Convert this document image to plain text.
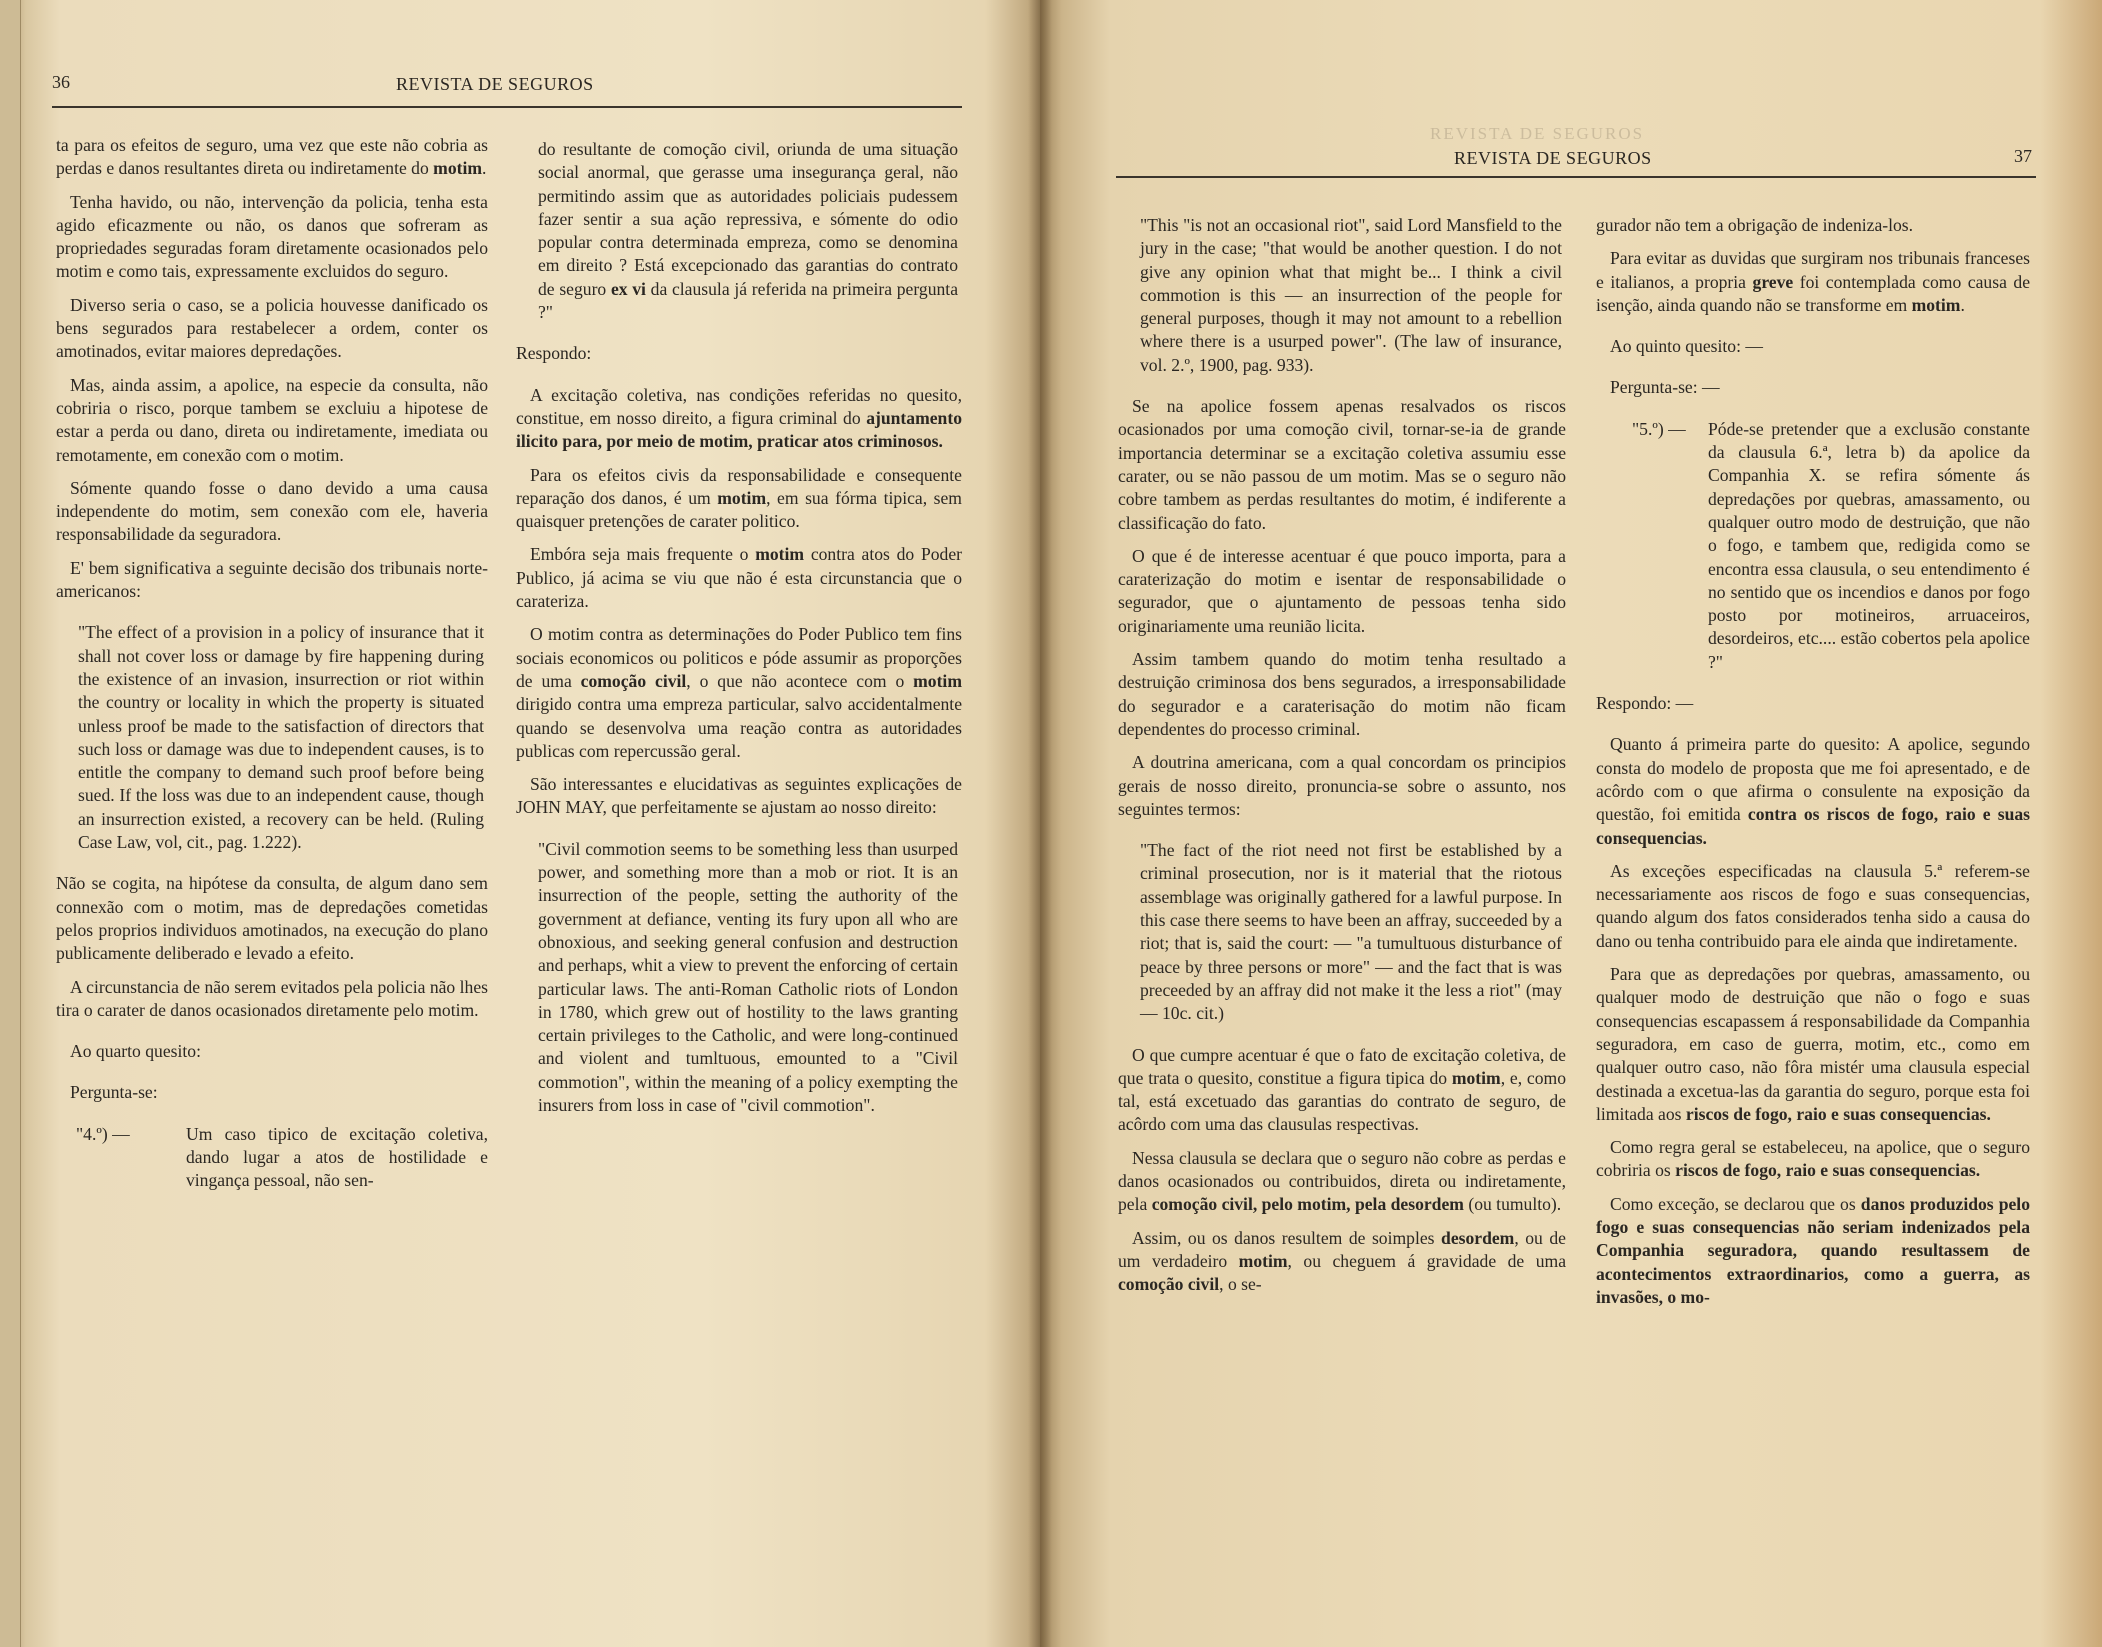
36	REVISTA DE SEGUROS

ta para os efeitos de seguro, uma vez que este não cobria as perdas e danos resultantes direta ou indiretamente do motim.

Tenha havido, ou não, intervenção da policia, tenha esta agido eficazmente ou não, os danos que sofreram as propriedades seguradas foram diretamente ocasionados pelo motim e como tais, expressamente excluidos do seguro.

Diverso seria o caso, se a policia houvesse danificado os bens segurados para restabelecer a ordem, conter os amotinados, evitar maiores depredações.

Mas, ainda assim, a apolice, na especie da consulta, não cobriria o risco, porque tambem se excluiu a hipotese de estar a perda ou dano, direta ou indiretamente, imediata ou remotamente, em conexão com o motim.

Sómente quando fosse o dano devido a uma causa independente do motim, sem conexão com ele, haveria responsabilidade da seguradora.

E' bem significativa a seguinte decisão dos tribunais norte-americanos:

"The effect of a provision in a policy of insurance that it shall not cover loss or damage by fire happening during the existence of an invasion, insurrection or riot within the country or locality in which the property is situated unless proof be made to the satisfaction of directors that such loss or damage was due to independent causes, is to entitle the company to demand such proof before being sued. If the loss was due to an independent cause, though an insurrection existed, a recovery can be held. (Ruling Case Law, vol, cit., pag. 1.222).

Não se cogita, na hipótese da consulta, de algum dano sem connexão com o motim, mas de depredações cometidas pelos proprios individuos amotinados, na execução do plano publicamente deliberado e levado a efeito.

A circunstancia de não serem evitados pela policia não lhes tira o carater de danos ocasionados diretamente pelo motim.

Ao quarto quesito:

Pergunta-se:

"4.º) —	Um caso tipico de excitação coletiva, dando lugar a atos de hostilidade e vingança pessoal, não sen-

do resultante de comoção civil, oriunda de uma situação social anormal, que gerasse uma insegurança geral, não permitindo assim que as autoridades policiais pudessem fazer sentir a sua ação repressiva, e sómente do odio popular contra determinada empreza, como se denomina em direito ? Está excepcionado das garantias do contrato de seguro ex vi da clausula já referida na primeira pergunta ?"

Respondo:

A excitação coletiva, nas condições referidas no quesito, constitue, em nosso direito, a figura criminal do ajuntamento ilicito para, por meio de motim, praticar atos criminosos.

Para os efeitos civis da responsabilidade e consequente reparação dos danos, é um motim, em sua fórma tipica, sem quaisquer pretenções de carater politico.

Embóra seja mais frequente o motim contra atos do Poder Publico, já acima se viu que não é esta circunstancia que o carateriza.

O motim contra as determinações do Poder Publico tem fins sociais economicos ou politicos e póde assumir as proporções de uma comoção civil, o que não acontece com o motim dirigido contra uma empreza particular, salvo accidentalmente quando se desenvolva uma reação contra as autoridades publicas com repercussão geral.

São interessantes e elucidativas as seguintes explicações de JOHN MAY, que perfeitamente se ajustam ao nosso direito:

"Civil commotion seems to be something less than usurped power, and something more than a mob or riot. It is an insurrection of the people, setting the authority of the government at defiance, venting its fury upon all who are obnoxious, and seeking general confusion and destruction and perhaps, whit a view to prevent the enforcing of certain particular laws. The anti-Roman Catholic riots of London in 1780, which grew out of hostility to the laws granting certain privileges to the Catholic, and were long-continued and violent and tumltuous, emounted to a "Civil commotion", within the meaning of a policy exempting the insurers from loss in case of "civil commotion".

REVISTA DE SEGUROS
REVISTA DE SEGUROS	37

"This "is not an occasional riot", said Lord Mansfield to the jury in the case; "that would be another question. I do not give any opinion what that might be... I think a civil commotion is this — an insurrection of the people for general purposes, though it may not amount to a rebellion where there is a usurped power". (The law of insurance, vol. 2.º, 1900, pag. 933).

Se na apolice fossem apenas resalvados os riscos ocasionados por uma comoção civil, tornar-se-ia de grande importancia determinar se a excitação coletiva assumiu esse carater, ou se não passou de um motim. Mas se o seguro não cobre tambem as perdas resultantes do motim, é indiferente a classificação do fato.

O que é de interesse acentuar é que pouco importa, para a caraterização do motim e isentar de responsabilidade o segurador, que o ajuntamento de pessoas tenha sido originariamente uma reunião licita.

Assim tambem quando do motim tenha resultado a destruição criminosa dos bens segurados, a irresponsabilidade do segurador e a caraterisação do motim não ficam dependentes do processo criminal.

A doutrina americana, com a qual concordam os principios gerais de nosso direito, pronuncia-se sobre o assunto, nos seguintes termos:

"The fact of the riot need not first be established by a criminal prosecution, nor is it material that the riotous assemblage was originally gathered for a lawful purpose. In this case there seems to have been an affray, succeeded by a riot; that is, said the court: — "a tumultuous disturbance of peace by three persons or more" — and the fact that is was preceeded by an affray did not make it the less a riot" (may — 10c. cit.)

O que cumpre acentuar é que o fato de excitação coletiva, de que trata o quesito, constitue a figura tipica do motim, e, como tal, está excetuado das garantias do contrato de seguro, de acôrdo com uma das clausulas respectivas.

Nessa clausula se declara que o seguro não cobre as perdas e danos ocasionados ou contribuidos, direta ou indiretamente, pela comoção civil, pelo motim, pela desordem (ou tumulto).

Assim, ou os danos resultem de soimples desordem, ou de um verdadeiro motim, ou cheguem á gravidade de uma comoção civil, o se-

gurador não tem a obrigação de indeniza-los.

Para evitar as duvidas que surgiram nos tribunais franceses e italianos, a propria greve foi contemplada como causa de isenção, ainda quando não se transforme em motim.

Ao quinto quesito: —

Pergunta-se: —

"5.º) — Póde-se pretender que a exclusão constante da clausula 6.ª, letra b) da apolice da Companhia X. se refira sómente ás depredações por quebras, amassamento, ou qualquer outro modo de destruição, que não o fogo, e tambem que, redigida como se encontra essa clausula, o seu entendimento é no sentido que os incendios e danos por fogo posto por motineiros, arruaceiros, desordeiros, etc.... estão cobertos pela apolice ?"

Respondo: —

Quanto á primeira parte do quesito: A apolice, segundo consta do modelo de proposta que me foi apresentado, e de acôrdo com o que afirma o consulente na exposição da questão, foi emitida contra os riscos de fogo, raio e suas consequencias.

As exceções especificadas na clausula 5.ª referem-se necessariamente aos riscos de fogo e suas consequencias, quando algum dos fatos considerados tenha sido a causa do dano ou tenha contribuido para ele ainda que indiretamente.

Para que as depredações por quebras, amassamento, ou qualquer modo de destruição que não o fogo e suas consequencias escapassem á responsabilidade da Companhia seguradora, em caso de guerra, motim, etc., como em qualquer outro caso, não fôra mistér uma clausula especial destinada a excetua-las da garantia do seguro, porque esta foi limitada aos riscos de fogo, raio e suas consequencias.

Como regra geral se estabeleceu, na apolice, que o seguro cobriria os riscos de fogo, raio e suas consequencias.

Como exceção, se declarou que os danos produzidos pelo fogo e suas consequencias não seriam indenizados pela Companhia seguradora, quando resultassem de acontecimentos extraordinarios, como a guerra, as invasões, o mo-
